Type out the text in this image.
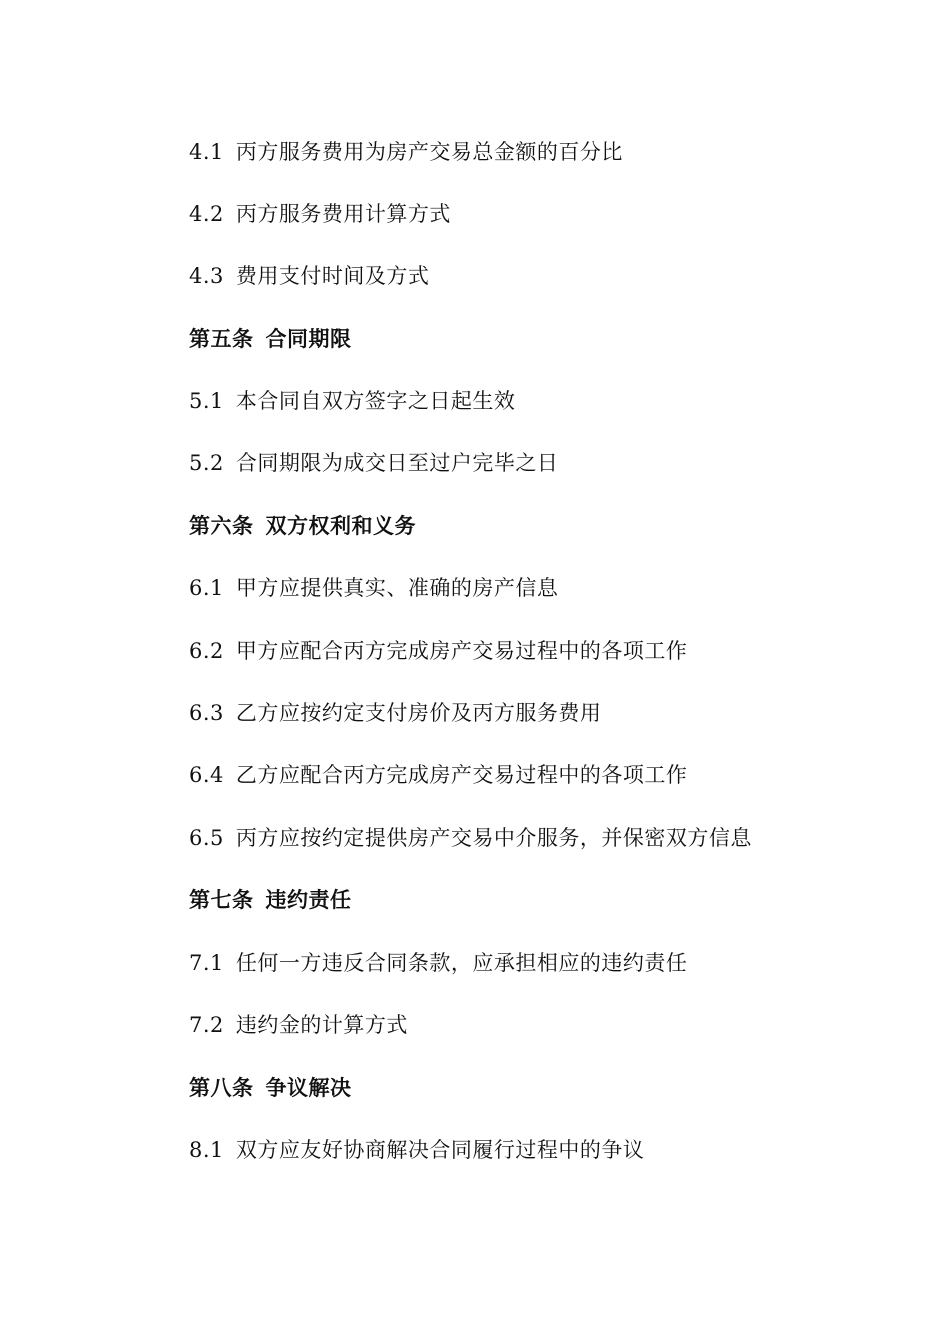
4.1 丙方服务费用为房产交易总金额的百分比
4.2 丙方服务费用计算方式
4.3 费用支付时间及方式
第五条 合同期限
5.1 本合同自双方签字之日起生效
5.2 合同期限为成交日至过户完毕之日
第六条 双方权利和义务
6.1 甲方应提供真实、准确的房产信息
6.2 甲方应配合丙方完成房产交易过程中的各项工作
6.3 乙方应按约定支付房价及丙方服务费用
6.4 乙方应配合丙方完成房产交易过程中的各项工作
6.5 丙方应按约定提供房产交易中介服务，并保密双方信息
第七条 违约责任
7.1 任何一方违反合同条款，应承担相应的违约责任
7.2 违约金的计算方式
第八条 争议解决
8.1 双方应友好协商解决合同履行过程中的争议
